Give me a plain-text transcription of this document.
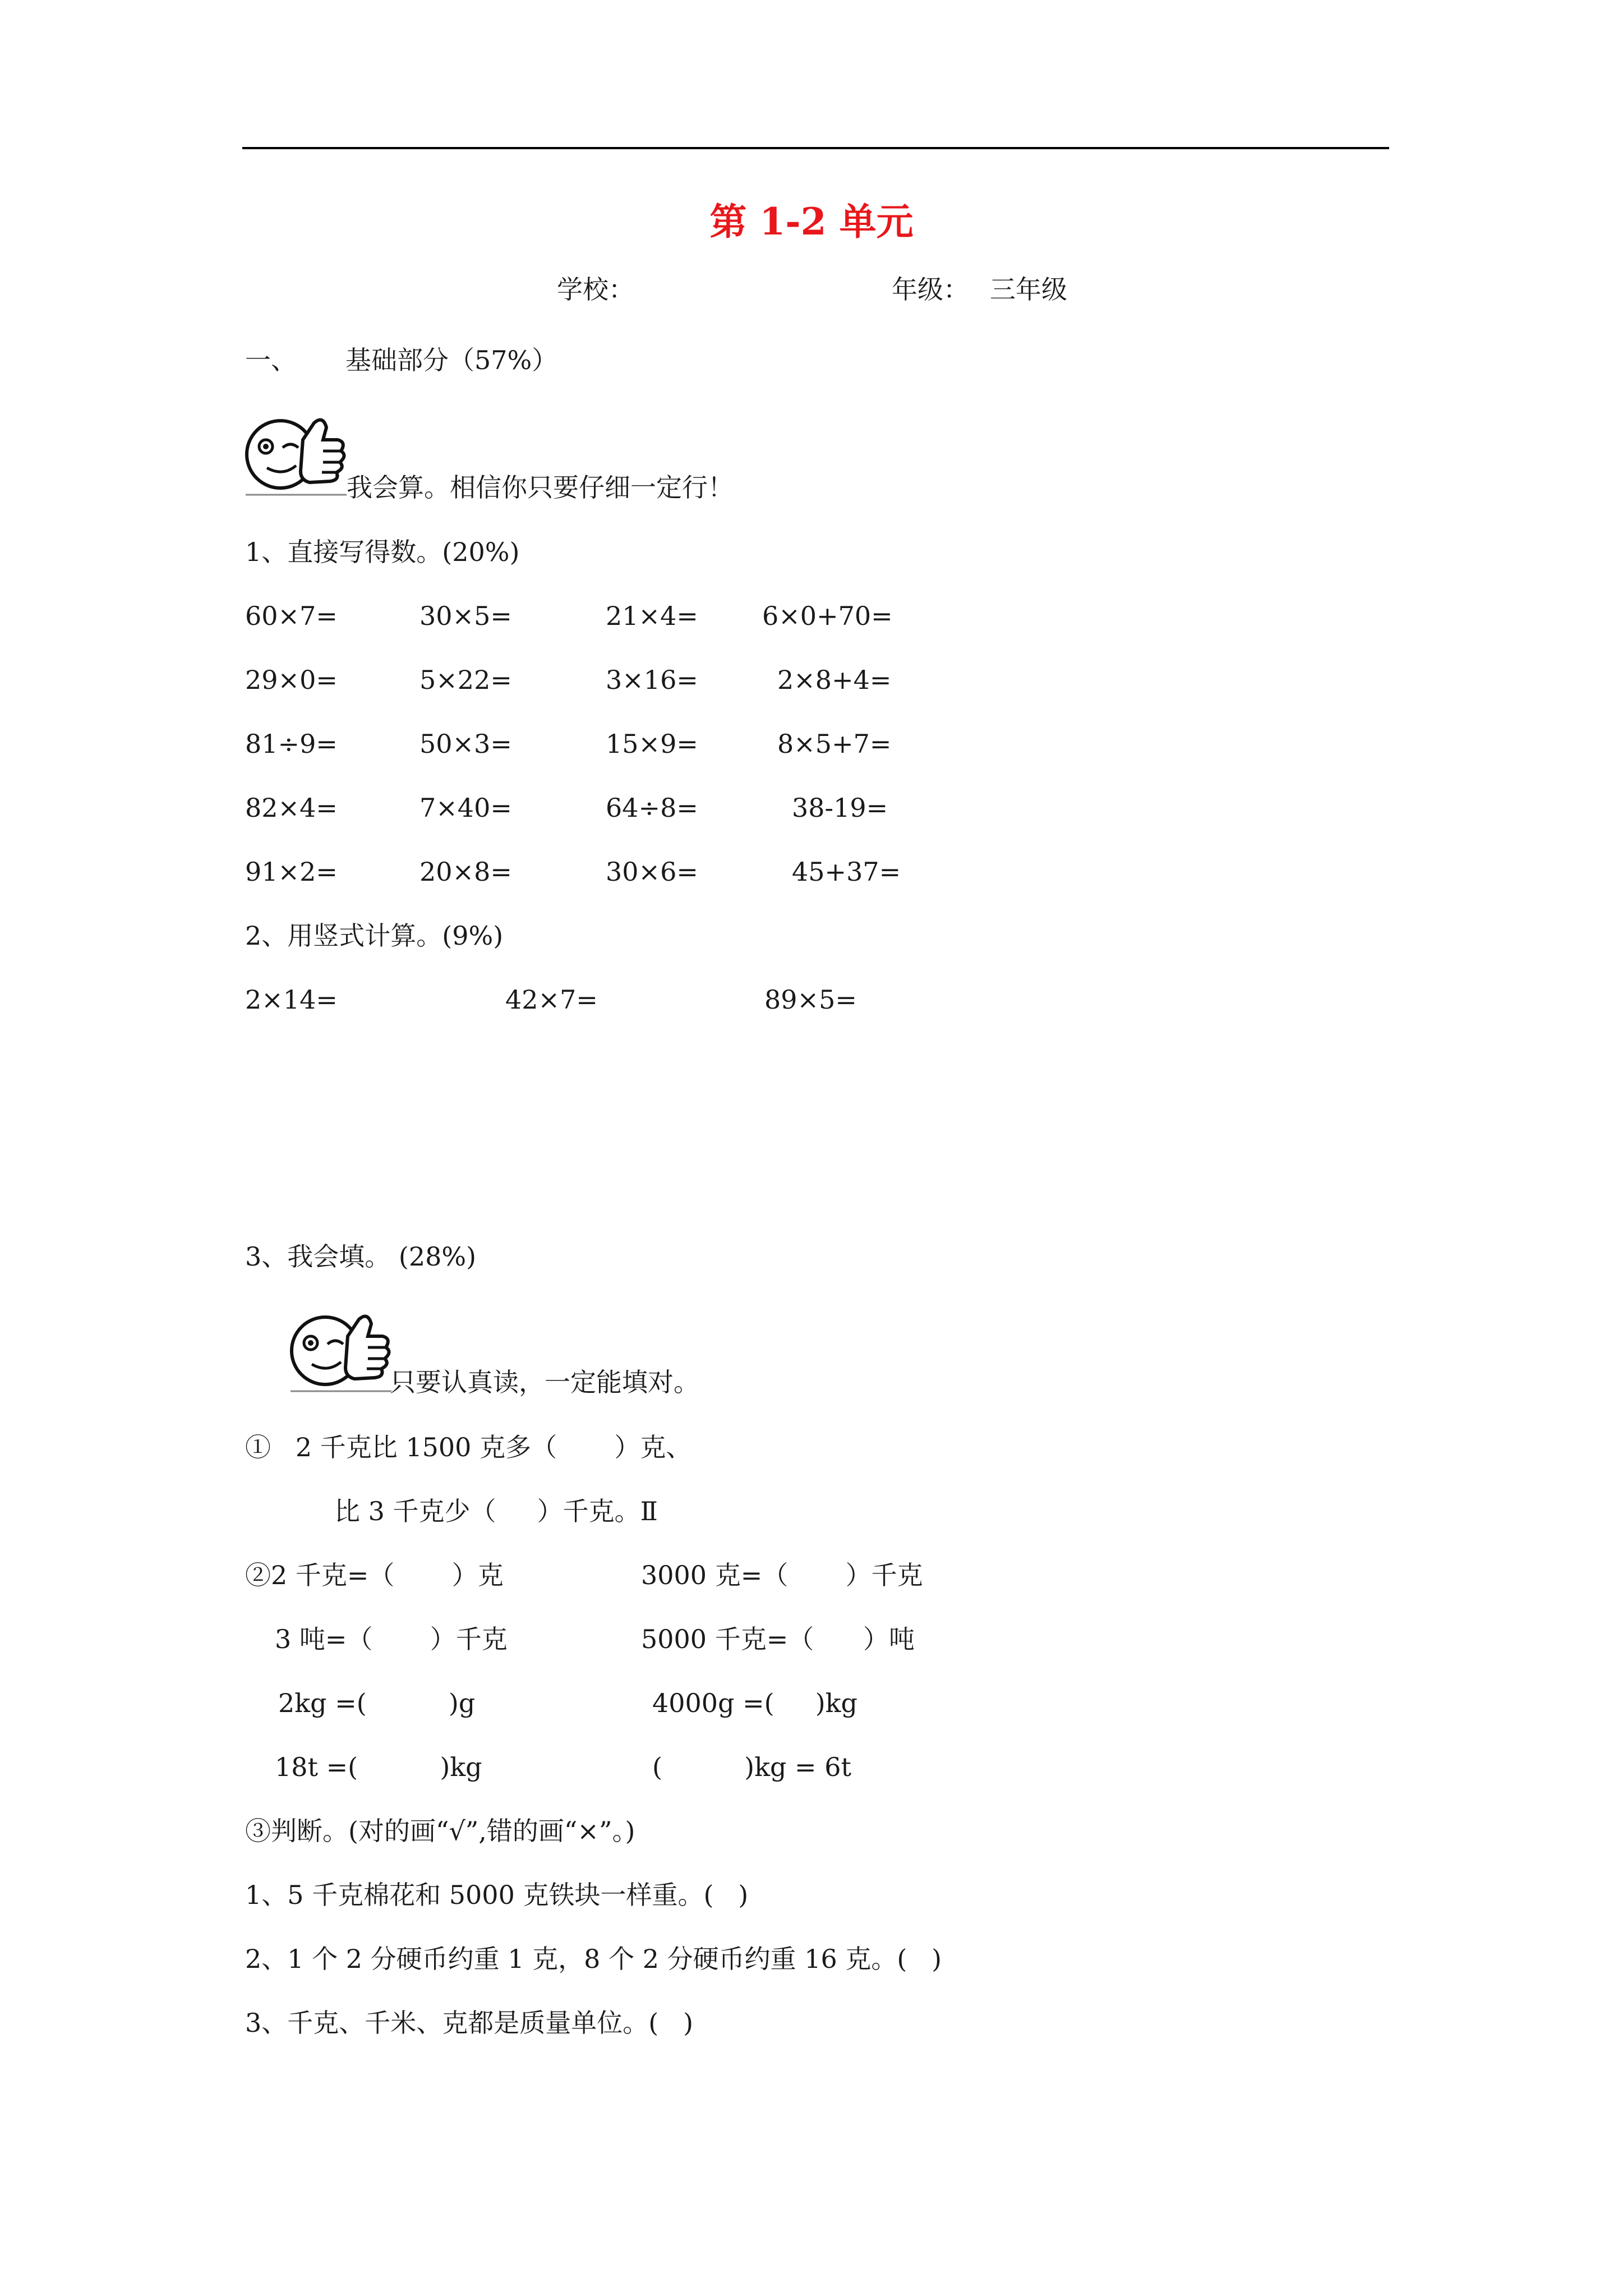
第 1-2 单元
学校：	年级： 三年级
一、 基础部分（57%）
我会算。相信你只要仔细一定行！
1、直接写得数。(20%)
60×7=	30×5=	21×4= 6×0+70=
29×0=	5×22=	3×16=	2×8+4=
81÷9=	50×3=	15×9=	8×5+7=
82×4=	7×40=	64÷8=	38-19=
91×2=	20×8=	30×6=	45+37=
2、用竖式计算。(9%)
2×14=	42×7=	89×5=
3、我会填。 (28%)
只要认真读，一定能填对。
①   2 千克比 1500 克多（       ）克、
比 3 千克少（     ）千克。Ⅱ
②2 千克=（       ）克	3000 克=（       ）千克
3 吨=（       ）千克	5000 千克=（      ）吨
2kg =(          )g	4000g =(     )kg
18t =(          )kg	(          )kg = 6t
③判断。(对的画“√”,错的画“×”。)
1、5 千克棉花和 5000 克铁块一样重。(   )
2、1 个 2 分硬币约重 1 克，8 个 2 分硬币约重 16 克。(   )
3、千克、千米、克都是质量单位。(   )
